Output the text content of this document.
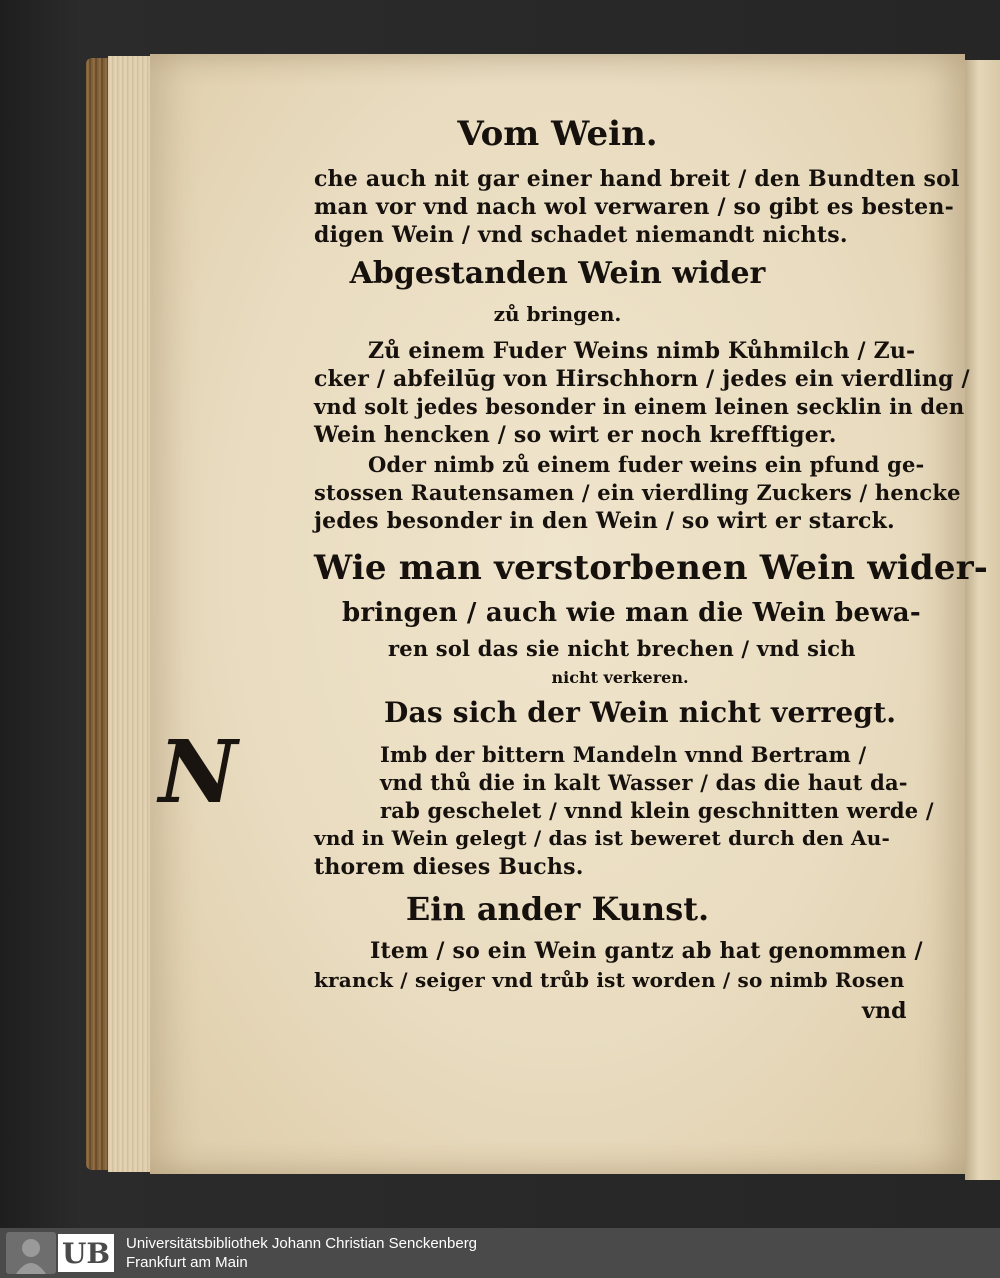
Vom Wein.
che auch nit gar einer hand breit / den Bundten sol
man vor vnd nach wol verwaren / so gibt es besten-
digen Wein / vnd schadet niemandt nichts.
Abgestanden Wein wider
zů bringen.
Zů einem Fuder Weins nimb Kůhmilch / Zu-
cker / abfeilūg von Hirschhorn / jedes ein vierdling /
vnd solt jedes besonder in einem leinen secklin in den
Wein hencken / so wirt er noch krefftiger.
Oder nimb zů einem fuder weins ein pfund ge-
stossen Rautensamen / ein vierdling Zuckers / hencke
jedes besonder in den Wein / so wirt er starck.
Wie man verstorbenen Wein wider-
bringen / auch wie man die Wein bewa-
ren sol das sie nicht brechen / vnd sich
nicht verkeren.
Das sich der Wein nicht verregt.
N	Imb der bittern Mandeln vnnd Bertram /
vnd thů die in kalt Wasser / das die haut da-
rab geschelet / vnnd klein geschnitten werde /
vnd in Wein gelegt / das ist beweret durch den Au-
thorem dieses Buchs.
Ein ander Kunst.
Item / so ein Wein gantz ab hat genommen /
kranck / seiger vnd trůb ist worden / so nimb Rosen
vnd
UB Universitätsbibliothek Johann Christian Senckenberg
Frankfurt am Main
